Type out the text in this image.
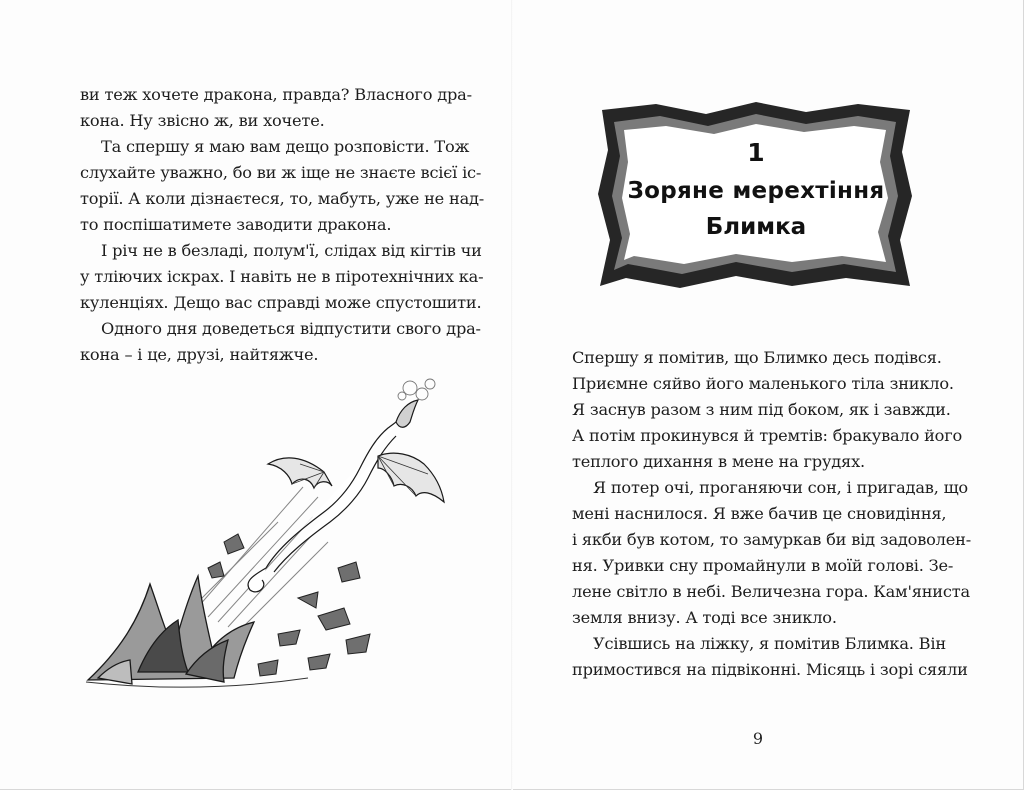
ви теж хочете дракона, правда? Власного дра-
кона. Ну звісно ж, ви хочете.
Та спершу я маю вам дещо розповісти. Тож
слухайте уважно, бо ви ж іще не знаєте всієї іс-
торії. А коли дізнаєтеся, то, мабуть, уже не над-
то поспішатимете заводити дракона.
І річ не в безладі, полум'ї, слідах від кігтів чи
у тліючих іскрах. І навіть не в піротехнічних ка-
куленціях. Дещо вас справді може спустошити.
Одного дня доведеться відпустити свого дра-
кона – і це, друзі, найтяжче.
1
Зоряне мерехтіння
Блимка
Спершу я помітив, що Блимко десь подівся.
Приємне сяйво його маленького тіла зникло.
Я заснув разом з ним під боком, як і завжди.
А потім прокинувся й тремтів: бракувало його
теплого дихання в мене на грудях.
Я потер очі, проганяючи сон, і пригадав, що
мені наснилося. Я вже бачив це сновидіння,
і якби був котом, то замуркав би від задоволен-
ня. Уривки сну промайнули в моїй голові. Зе-
лене світло в небі. Величезна гора. Кам'яниста
земля внизу. А тоді все зникло.
Усівшись на ліжку, я помітив Блимка. Він
примостився на підвіконні. Місяць і зорі сяяли
9
